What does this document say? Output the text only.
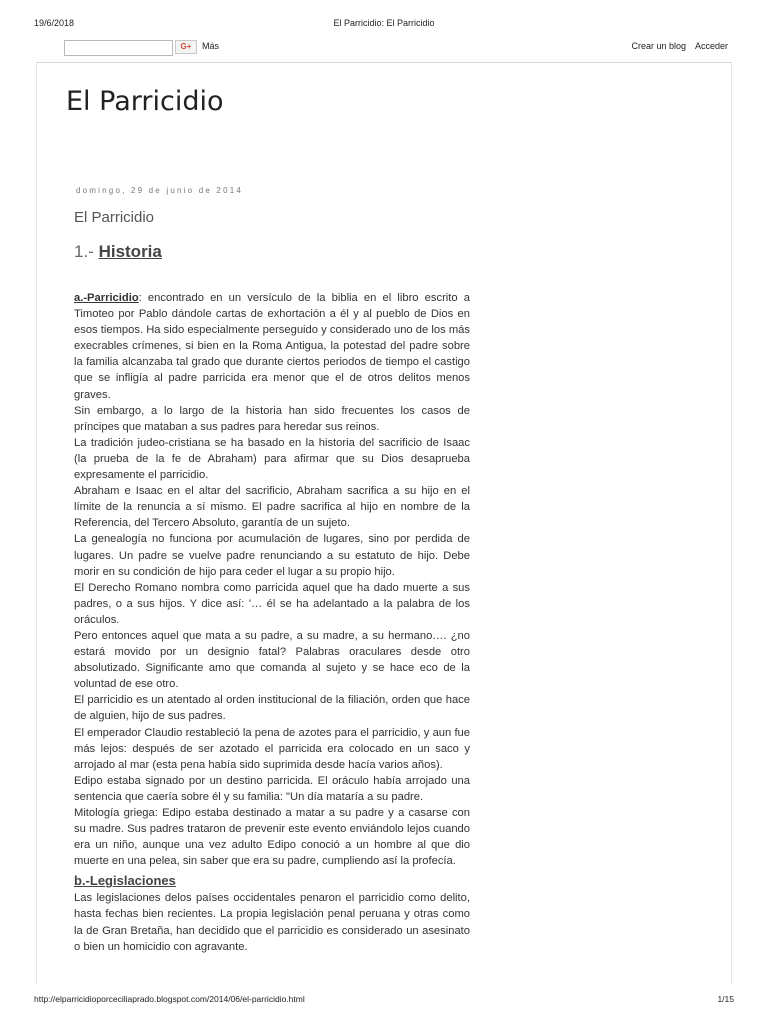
19/6/2018	El Parricidio: El Parricidio
G+	Más	Crear un blog Acceder
El Parricidio
domingo, 29 de junio de 2014
El Parricidio
1.- Historia

a.-Parricidio: encontrado en un versículo de la biblia en el libro escrito a Timoteo por Pablo dándole cartas de exhortación a él y al pueblo de Dios en esos tiempos. Ha sido especialmente perseguido y considerado uno de los más execrables crímenes, si bien en la Roma Antigua, la potestad del padre sobre la familia alcanzaba tal grado que durante ciertos periodos de tiempo el castigo que se infligía al padre parricida era menor que el de otros delitos menos graves.

Sin embargo, a lo largo de la historia han sido frecuentes los casos de príncipes que mataban a sus padres para heredar sus reinos.

La tradición judeo-cristiana se ha basado en la historia del sacrificio de Isaac (la prueba de la fe de Abraham) para afirmar que su Dios desaprueba expresamente el parricidio.

Abraham e Isaac en el altar del sacrificio, Abraham sacrifica a su hijo en el límite de la renuncia a sí mismo. El padre sacrifica al hijo en nombre de la Referencia, del Tercero Absoluto, garantía de un sujeto.

La genealogía no funciona por acumulación de lugares, sino por perdida de lugares. Un padre se vuelve padre renunciando a su estatuto de hijo. Debe morir en su condición de hijo para ceder el lugar a su propio hijo.

El Derecho Romano nombra como parricida aquel que ha dado muerte a sus padres, o a sus hijos. Y dice así: '… él se ha adelantado a la palabra de los oráculos.

Pero entonces aquel que mata a su padre, a su madre, a su hermano…. ¿no estará movido por un designio fatal? Palabras oraculares desde otro absolutizado. Significante amo que comanda al sujeto y se hace eco de la voluntad de ese otro.

El parricidio es un atentado al orden institucional de la filiación, orden que hace de alguien, hijo de sus padres.

El emperador Claudio restableció la pena de azotes para el parricidio, y aun fue más lejos: después de ser azotado el parricida era colocado en un saco y arrojado al mar (esta pena había sido suprimida desde hacía varios años).

Edipo estaba signado por un destino parricida. El oráculo había arrojado una sentencia que caería sobre él y su familia: "Un día mataría a su padre.

Mitología griega: Edipo estaba destinado a matar a su padre y a casarse con su madre. Sus padres trataron de prevenir este evento enviándolo lejos cuando era un niño, aunque una vez adulto Edipo conoció a un hombre al que dio muerte en una pelea, sin saber que era su padre, cumpliendo así la profecía.

b.-Legislaciones

Las legislaciones delos países occidentales penaron el parricidio como delito, hasta fechas bien recientes. La propia legislación penal peruana y otras como la de Gran Bretaña, han decidido que el parricidio es considerado un asesinato o bien un homicidio con agravante.

http://elparricidioporceciliaprado.blogspot.com/2014/06/el-parricidio.html	1/15
